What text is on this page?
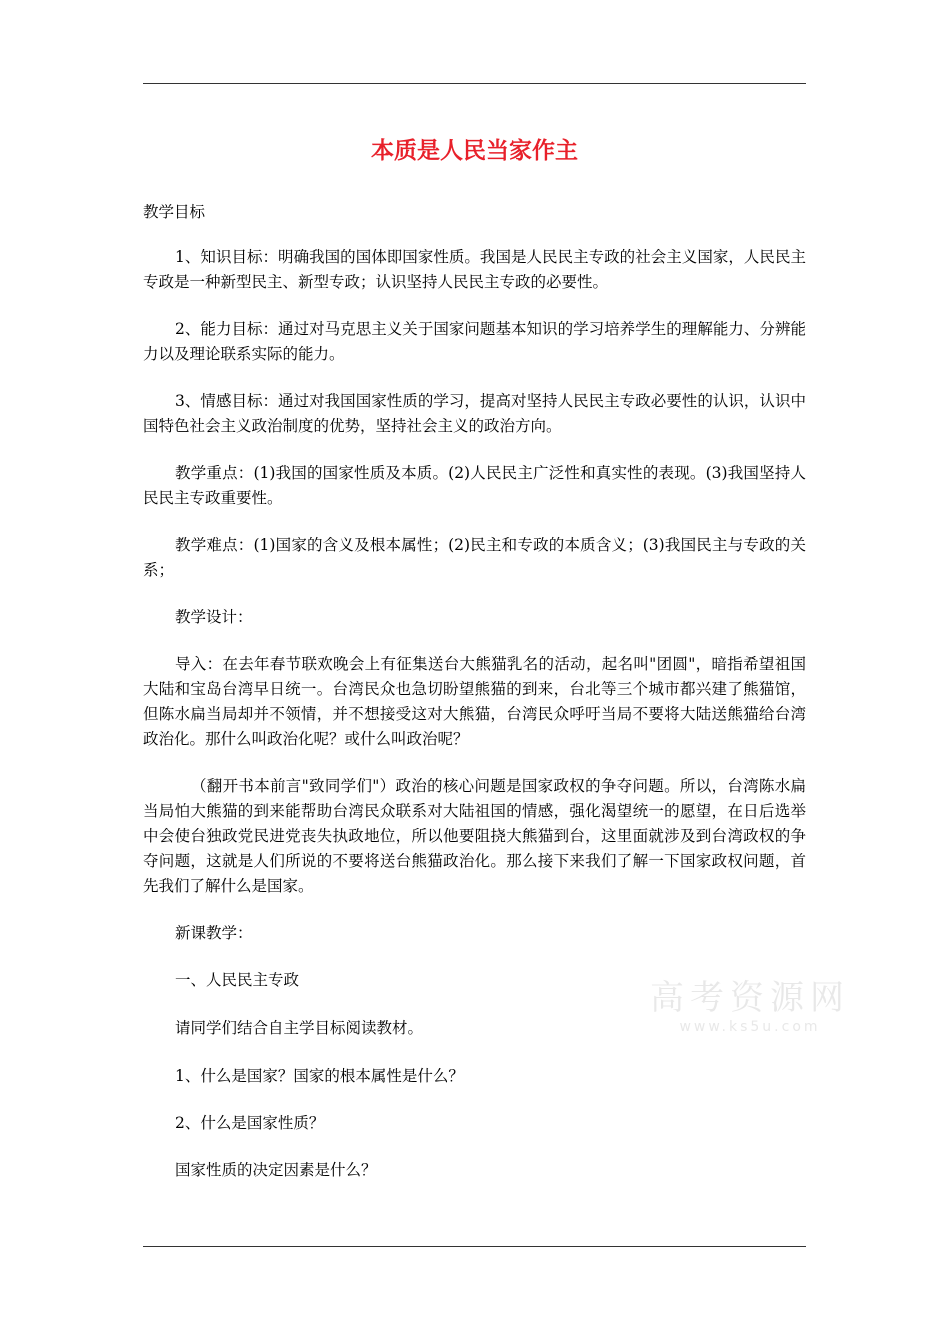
本质是人民当家作主

教学目标

1、知识目标：明确我国的国体即国家性质。我国是人民民主专政的社会主义国家，人民民主专政是一种新型民主、新型专政；认识坚持人民民主专政的必要性。

2、能力目标：通过对马克思主义关于国家问题基本知识的学习培养学生的理解能力、分辨能力以及理论联系实际的能力。

3、情感目标：通过对我国国家性质的学习，提高对坚持人民民主专政必要性的认识，认识中国特色社会主义政治制度的优势，坚持社会主义的政治方向。

教学重点：(1)我国的国家性质及本质。(2)人民民主广泛性和真实性的表现。(3)我国坚持人民民主专政重要性。

教学难点：(1)国家的含义及根本属性；(2)民主和专政的本质含义；(3)我国民主与专政的关系；

教学设计：

导入：在去年春节联欢晚会上有征集送台大熊猫乳名的活动，起名叫"团圆"，暗指希望祖国大陆和宝岛台湾早日统一。台湾民众也急切盼望熊猫的到来，台北等三个城市都兴建了熊猫馆，但陈水扁当局却并不领情，并不想接受这对大熊猫，台湾民众呼吁当局不要将大陆送熊猫给台湾政治化。那什么叫政治化呢？或什么叫政治呢？

（翻开书本前言"致同学们"）政治的核心问题是国家政权的争夺问题。所以，台湾陈水扁当局怕大熊猫的到来能帮助台湾民众联系对大陆祖国的情感，强化渴望统一的愿望，在日后选举中会使台独政党民进党丧失执政地位，所以他要阻挠大熊猫到台，这里面就涉及到台湾政权的争夺问题，这就是人们所说的不要将送台熊猫政治化。那么接下来我们了解一下国家政权问题，首先我们了解什么是国家。

新课教学：

一、人民民主专政

请同学们结合自主学目标阅读教材。

1、什么是国家？国家的根本属性是什么？

2、什么是国家性质？

国家性质的决定因素是什么？

高考资源网
www.ks5u.com
